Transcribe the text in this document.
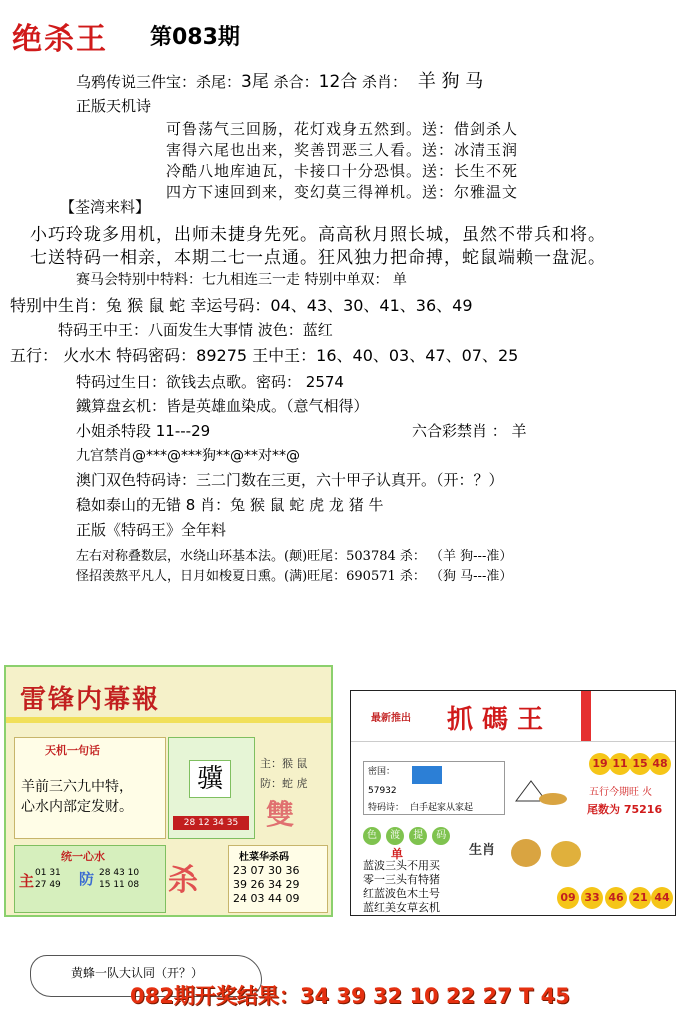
绝杀王 第083期
乌鸦传说三件宝：杀尾：3尾 杀合：12合 杀肖： 羊 狗 马
正版天机诗
可鲁荡气三回肠，花灯戏身五然到。送：借剑杀人
害得六尾也出来，奖善罚恶三人看。送：冰清玉润
冷酷八地库迪瓦，卡接口十分恐惧。送：长生不死
四方下速回到来，变幻莫三得禅机。送：尔雅温文
【荃湾来料】
小巧玲珑多用机，出师未捷身先死。高高秋月照长城，虽然不带兵和将。
七送特码一相亲，本期二七一点通。狂风独力把命搏，蛇鼠端赖一盘泥。
赛马会特别中特料：七九相连三一走 特别中单双： 单
特别中生肖：兔 猴 鼠 蛇 幸运号码：04、43、30、41、36、49
特码王中王：八面发生大事情 波色：蓝红
五行： 火水木 特码密码：89275 王中王：16、40、03、47、07、25
特码过生日：欲钱去点歌。密码： 2574
鐵算盘玄机：皆是英雄血染成。（意气相得）
小姐杀特段 11---29	六合彩禁肖 ： 羊
九宫禁肖@***@***狗**@**对**@
澳门双色特码诗：三二门数在三更，六十甲子认真开。（开：？）
稳如泰山的无错 8 肖：兔 猴 鼠 蛇 虎 龙 猪 牛
正版《特码王》全年料
左右对称叠数层，水绕山环基本法。(颠)旺尾：503784 杀： （羊 狗---准）
怪招羡熬平凡人，日月如梭夏日熏。(满)旺尾：690571 杀： （狗 马---准）
雷锋内幕報
天机一句话
羊前三六九中特，
心水内部定发财。
骥
28 12 34 35
主：猴 鼠
防：蛇 虎
雙
统一心水
主 01 31
27 49 防 28 43 10
15 11 08 杀
杜菜华杀码
23 07 30 36
39 26 34 29
24 03 44 09
最新推出 抓 碼 王
密国：
57932
特码诗： 白手起家从家起
19 11 15 48
五行今期旺 火
尾数为 75216
色 渡 提 码
单
蓝波三头不用买
零一三头有特猪
红蓝波色木土号
蓝红美女草玄机
生肖
09 33 46 21 44
黄蜂一队大认同（开？）
082期开奖结果：34 39 32 10 22 27 T 45
